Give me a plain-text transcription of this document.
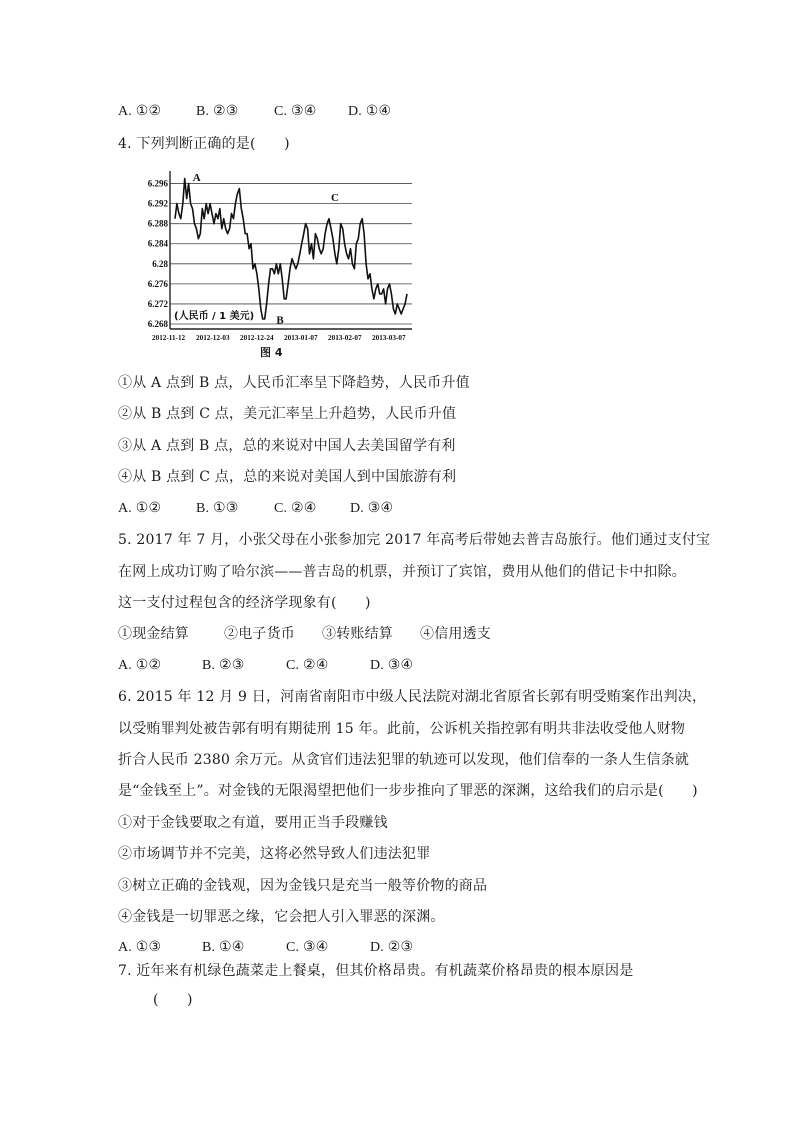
A. ①② B. ②③	C. ③④ D. ①④
4. 下列判断正确的是(　　)
6.296
6.292
6.288
6.284
6.28
6.276
6.272
6.268
A
B
C
(人民币 / 1 美元)
2012-11-12 2012-12-03 2012-12-24 2013-01-07 2013-02-07 2013-03-07
图 4
①从 A 点到 B 点，人民币汇率呈下降趋势，人民币升值
②从 B 点到 C 点，美元汇率呈上升趋势，人民币升值
③从 A 点到 B 点，总的来说对中国人去美国留学有利
④从 B 点到 C 点，总的来说对美国人到中国旅游有利
A. ①② B. ①③	C. ②④ D. ③④
5. 2017 年 7 月，小张父母在小张参加完 2017 年高考后带她去普吉岛旅行。他们通过支付宝
在网上成功订购了哈尔滨——普吉岛的机票，并预订了宾馆，费用从他们的借记卡中扣除。
这一支付过程包含的经济学现象有(　　)
①现金结算	②电子货币 ③转账结算 ④信用透支
A. ①②	B. ②③	C. ②④	D. ③④
6. 2015 年 12 月 9 日，河南省南阳市中级人民法院对湖北省原省长郭有明受贿案作出判决，
以受贿罪判处被告郭有明有期徒刑 15 年。此前，公诉机关指控郭有明共非法收受他人财物
折合人民币 2380 余万元。从贪官们违法犯罪的轨迹可以发现，他们信奉的一条人生信条就
是“金钱至上”。对金钱的无限渴望把他们一步步推向了罪恶的深渊，这给我们的启示是(　　)
①对于金钱要取之有道，要用正当手段赚钱
②市场调节并不完美，这将必然导致人们违法犯罪
③树立正确的金钱观，因为金钱只是充当一般等价物的商品
④金钱是一切罪恶之缘，它会把人引入罪恶的深渊。
A. ①③	B. ①④	C. ③④	D. ②③
7. 近年来有机绿色蔬菜走上餐桌，但其价格昂贵。有机蔬菜价格昂贵的根本原因是
(　　)
